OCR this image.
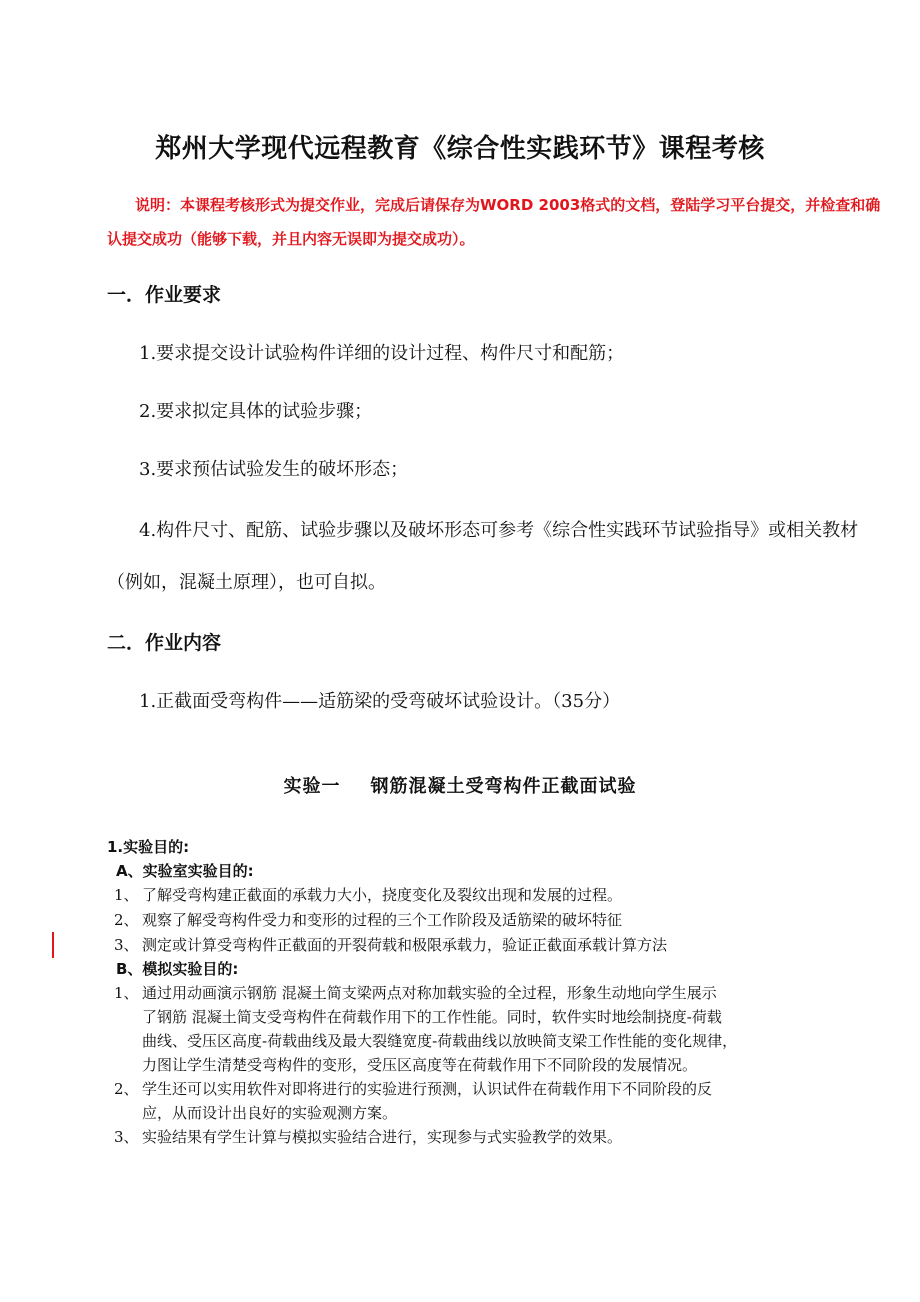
郑州大学现代远程教育《综合性实践环节》课程考核
说明：本课程考核形式为提交作业，完成后请保存为WORD 2003格式的文档，登陆学习平台提交，并检查和确认提交成功（能够下载，并且内容无误即为提交成功）。
一．作业要求
1.要求提交设计试验构件详细的设计过程、构件尺寸和配筋；
2.要求拟定具体的试验步骤；
3.要求预估试验发生的破坏形态；
4.构件尺寸、配筋、试验步骤以及破坏形态可参考《综合性实践环节试验指导》或相关教材（例如，混凝土原理），也可自拟。
二．作业内容
1.正截面受弯构件——适筋梁的受弯破坏试验设计。（35分）
实验一 钢筋混凝土受弯构件正截面试验
1.实验目的:
A、实验室实验目的:
1、 了解受弯构建正截面的承载力大小，挠度变化及裂纹出现和发展的过程。
2、 观察了解受弯构件受力和变形的过程的三个工作阶段及适筋梁的破坏特征
3、 测定或计算受弯构件正截面的开裂荷载和极限承载力，验证正截面承载计算方法
B、模拟实验目的:
1、 通过用动画演示钢筋 混凝土简支梁两点对称加载实验的全过程，形象生动地向学生展示
了钢筋 混凝土简支受弯构件在荷载作用下的工作性能。同时，软件实时地绘制挠度-荷载
曲线、受压区高度-荷载曲线及最大裂缝宽度-荷载曲线以放映简支梁工作性能的变化规律，
力图让学生清楚受弯构件的变形，受压区高度等在荷载作用下不同阶段的发展情况。
2、 学生还可以实用软件对即将进行的实验进行预测，认识试件在荷载作用下不同阶段的反
应，从而设计出良好的实验观测方案。
3、 实验结果有学生计算与模拟实验结合进行，实现参与式实验教学的效果。
